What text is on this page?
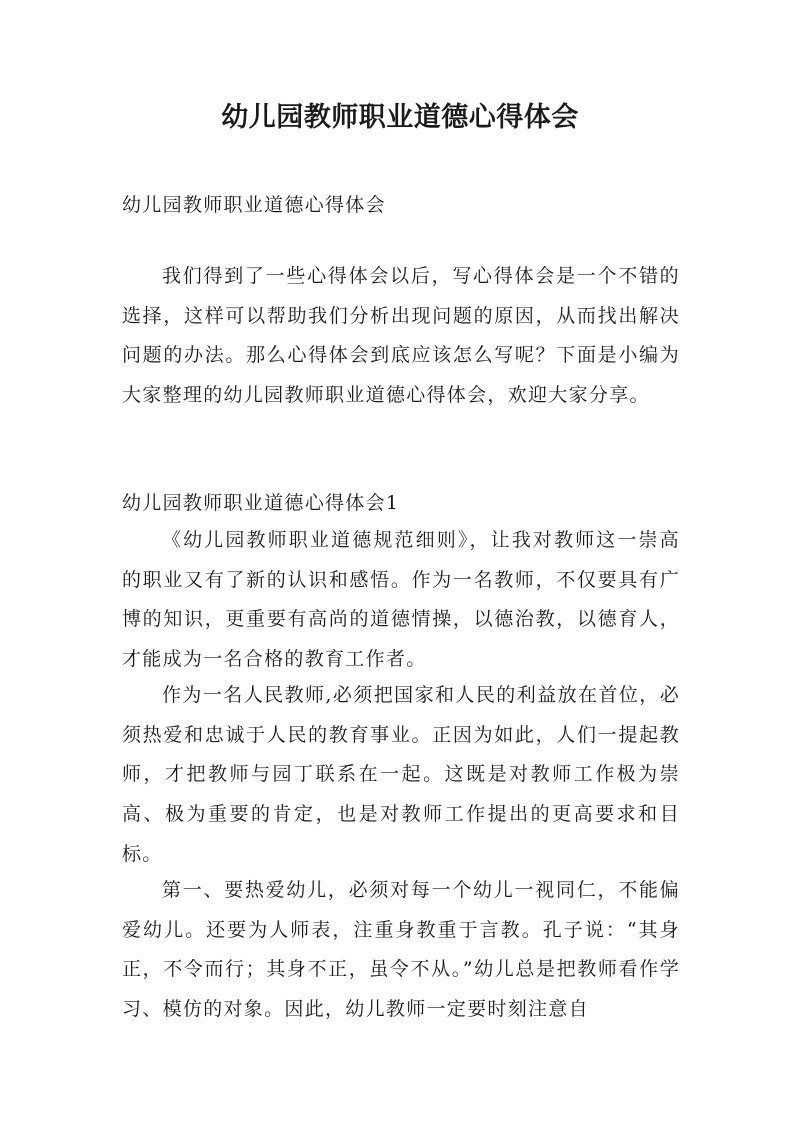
幼儿园教师职业道德心得体会

幼儿园教师职业道德心得体会

我们得到了一些心得体会以后，写心得体会是一个不错的选择，这样可以帮助我们分析出现问题的原因，从而找出解决问题的办法。那么心得体会到底应该怎么写呢？下面是小编为大家整理的幼儿园教师职业道德心得体会，欢迎大家分享。

幼儿园教师职业道德心得体会1

《幼儿园教师职业道德规范细则》，让我对教师这一崇高的职业又有了新的认识和感悟。作为一名教师，不仅要具有广博的知识，更重要有高尚的道德情操，以德治教，以德育人，才能成为一名合格的教育工作者。

作为一名人民教师,必须把国家和人民的利益放在首位，必须热爱和忠诚于人民的教育事业。正因为如此，人们一提起教师，才把教师与园丁联系在一起。这既是对教师工作极为崇高、极为重要的肯定，也是对教师工作提出的更高要求和目标。

第一、要热爱幼儿，必须对每一个幼儿一视同仁，不能偏爱幼儿。还要为人师表，注重身教重于言教。孔子说：“其身正，不令而行；其身不正，虽令不从。”幼儿总是把教师看作学习、模仿的对象。因此，幼儿教师一定要时刻注意自
